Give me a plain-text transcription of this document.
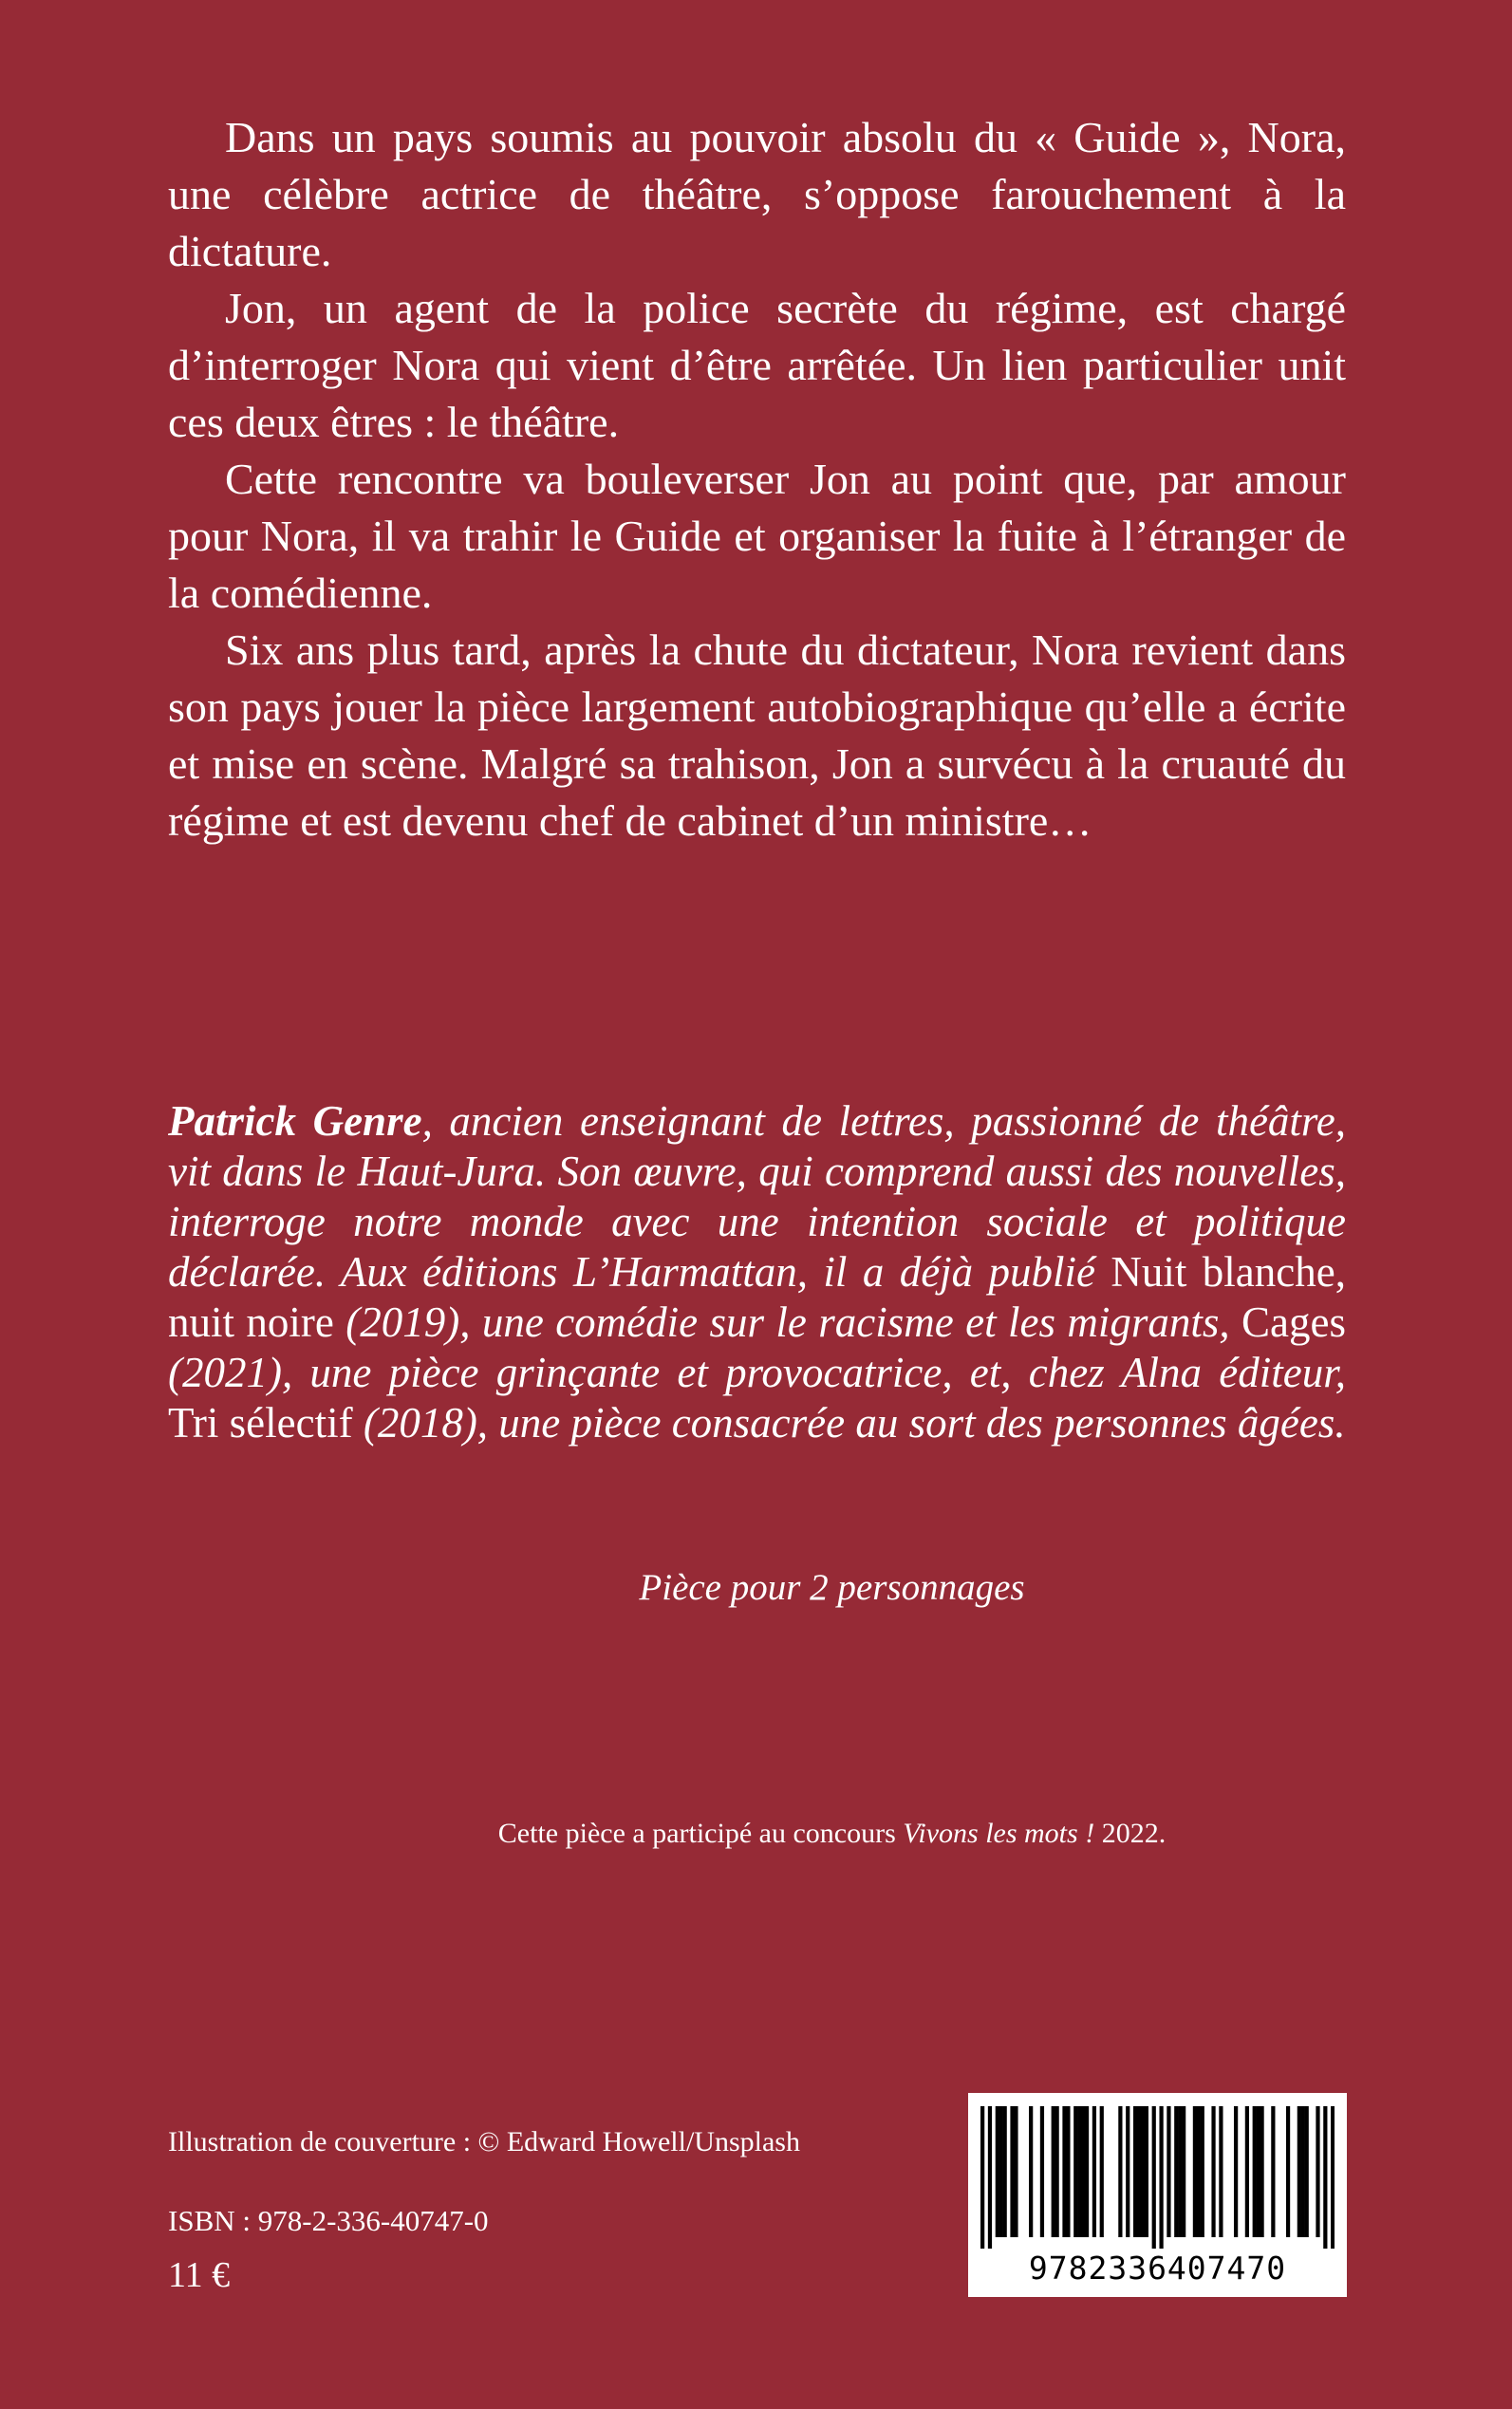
Dans un pays soumis au pouvoir absolu du « Guide », Nora, une célèbre actrice de théâtre, s’oppose farouchement à la dictature.

Jon, un agent de la police secrète du régime, est chargé d’interroger Nora qui vient d’être arrêtée. Un lien particulier unit ces deux êtres : le théâtre.

Cette rencontre va bouleverser Jon au point que, par amour pour Nora, il va trahir le Guide et organiser la fuite à l’étranger de la comédienne.

Six ans plus tard, après la chute du dictateur, Nora revient dans son pays jouer la pièce largement autobiographique qu’elle a écrite et mise en scène. Malgré sa trahison, Jon a survécu à la cruauté du régime et est devenu chef de cabinet d’un ministre…

Patrick Genre, ancien enseignant de lettres, passionné de théâtre, vit dans le Haut-Jura. Son œuvre, qui comprend aussi des nouvelles, interroge notre monde avec une intention sociale et politique déclarée. Aux éditions L’Harmattan, il a déjà publié Nuit blanche, nuit noire (2019), une comédie sur le racisme et les migrants, Cages (2021), une pièce grinçante et provocatrice, et, chez Alna éditeur, Tri sélectif (2018), une pièce consacrée au sort des personnes âgées.

Pièce pour 2 personnages

Cette pièce a participé au concours Vivons les mots ! 2022.

Illustration de couverture : © Edward Howell/Unsplash

ISBN : 978-2-336-40747-0

11 €	9782336407470
